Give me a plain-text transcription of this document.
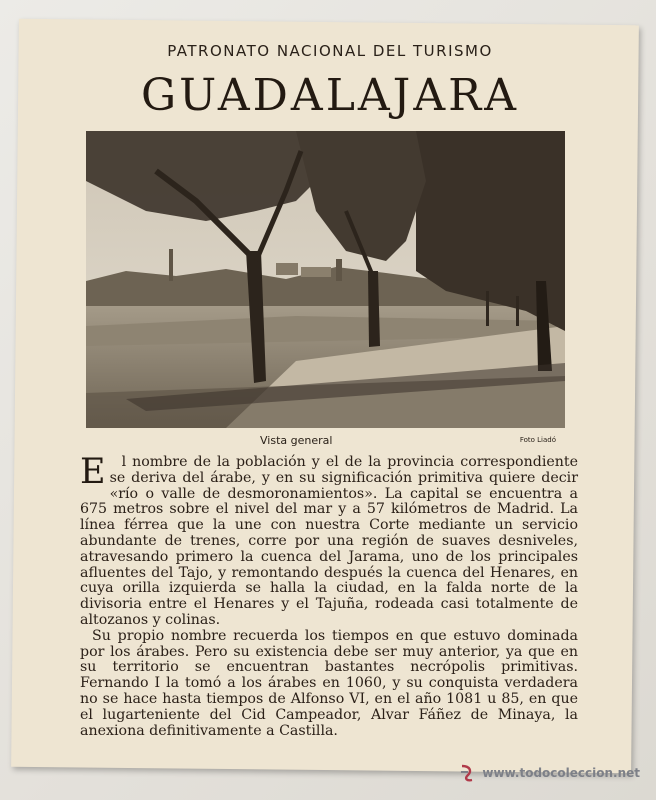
PATRONATO NACIONAL DEL TURISMO
GUADALAJARA
Vista general	Foto Liadó

E l nombre de la población y el de la provincia correspondiente se deriva del árabe, y en su significación primitiva quiere decir «río o valle de desmoronamientos». La capital se encuentra a 675 metros sobre el nivel del mar y a 57 kilómetros de Madrid. La línea férrea que la une con nuestra Corte mediante un servicio abundante de trenes, corre por una región de suaves desniveles, atravesando primero la cuenca del Jarama, uno de los principales afluentes del Tajo, y remontando después la cuenca del Henares, en cuya orilla izquierda se halla la ciudad, en la falda norte de la divisoria entre el Henares y el Tajuña, rodeada casi totalmente de altozanos y colinas.

Su propio nombre recuerda los tiempos en que estuvo dominada por los árabes. Pero su existencia debe ser muy anterior, ya que en su territorio se encuentran bastantes necrópolis primitivas. Fernando I la tomó a los árabes en 1060, y su conquista verdadera no se hace hasta tiempos de Alfonso VI, en el año 1081 u 85, en que el lugarteniente del Cid Campeador, Alvar Fáñez de Minaya, la anexiona definitivamente a Castilla.

www.todocoleccion.net
